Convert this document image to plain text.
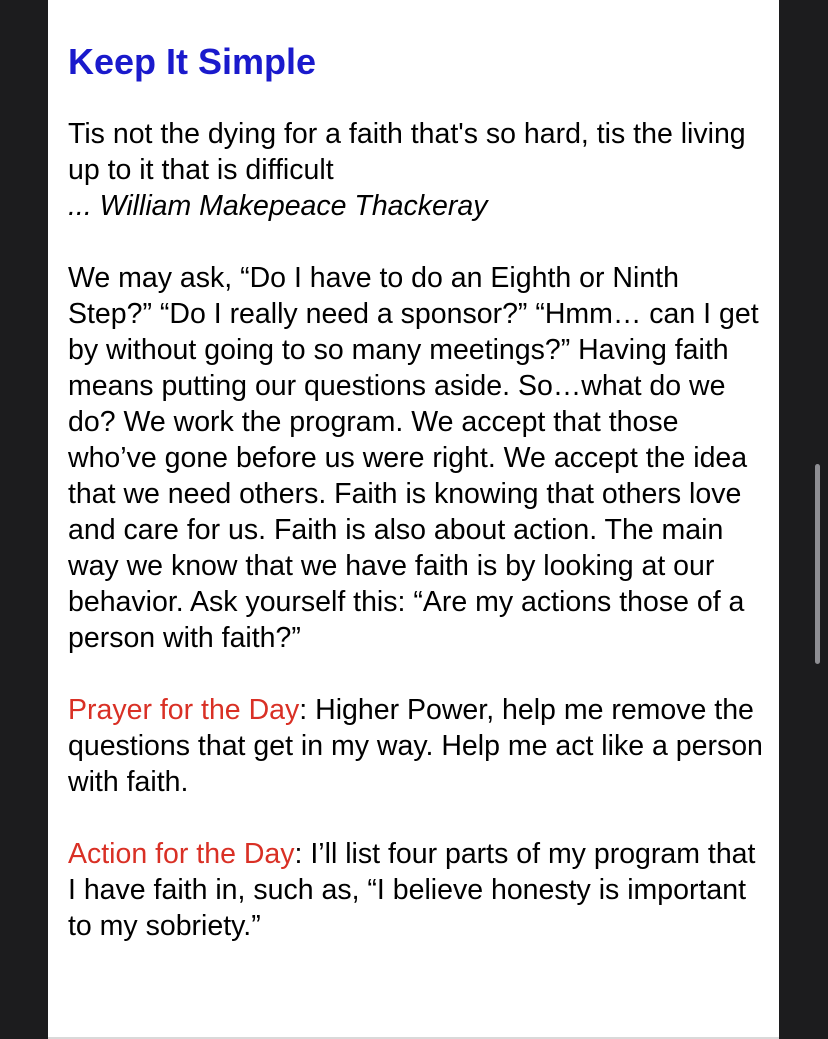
Keep It Simple

Tis not the dying for a faith that's so hard, tis the living up to it that is difficult
... William Makepeace Thackeray

We may ask, “Do I have to do an Eighth or Ninth Step?” “Do I really need a sponsor?” “Hmm… can I get by without going to so many meetings?” Having faith means putting our questions aside. So…what do we do? We work the program. We accept that those who’ve gone before us were right. We accept the idea that we need others. Faith is knowing that others love and care for us. Faith is also about action. The main way we know that we have faith is by looking at our behavior. Ask yourself this: “Are my actions those of a person with faith?”

Prayer for the Day: Higher Power, help me remove the questions that get in my way. Help me act like a person with faith.

Action for the Day: I’ll list four parts of my program that I have faith in, such as, “I believe honesty is important to my sobriety.”
